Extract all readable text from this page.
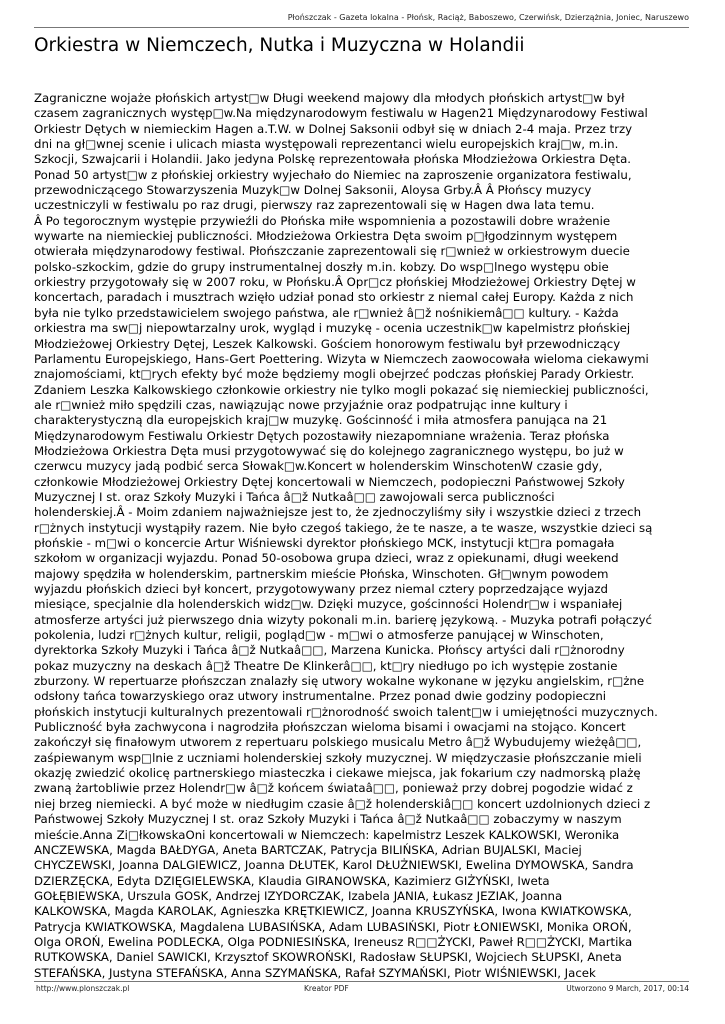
Płońszczak - Gazeta lokalna - Płońsk, Raciąż, Baboszewo, Czerwińsk, Dzierzążnia, Joniec, Naruszewo
Orkiestra w Niemczech, Nutka i Muzyczna w Holandii
Zagraniczne wojaże płońskich artyst□w Długi weekend majowy dla młodych płońskich artyst□w był
czasem zagranicznych występ□w.Na międzynarodowym festiwalu w Hagen21 Międzynarodowy Festiwal
Orkiestr Dętych w niemieckim Hagen a.T.W. w Dolnej Saksonii odbył się w dniach 2-4 maja. Przez trzy
dni na gł□wnej scenie i ulicach miasta występowali reprezentanci wielu europejskich kraj□w, m.in.
Szkocji, Szwajcarii i Holandii. Jako jedyna Polskę reprezentowała płońska Młodzieżowa Orkiestra Dęta.
Ponad 50 artyst□w z płońskiej orkiestry wyjechało do Niemiec na zaproszenie organizatora festiwalu,
przewodniczącego Stowarzyszenia Muzyk□w Dolnej Saksonii, Aloysa Grby.Â Â Płońscy muzycy
uczestniczyli w festiwalu po raz drugi, pierwszy raz zaprezentowali się w Hagen dwa lata temu.
Â Po tegorocznym występie przywieźli do Płońska miłe wspomnienia a pozostawili dobre wrażenie
wywarte na niemieckiej publiczności. Młodzieżowa Orkiestra Dęta swoim p□łgodzinnym występem
otwierała międzynarodowy festiwal. Płońszczanie zaprezentowali się r□wnież w orkiestrowym duecie
polsko-szkockim, gdzie do grupy instrumentalnej doszły m.in. kobzy. Do wsp□lnego występu obie
orkiestry przygotowały się w 2007 roku, w Płońsku.Â Opr□cz płońskiej Młodzieżowej Orkiestry Dętej w
koncertach, paradach i musztrach wzięło udział ponad sto orkiestr z niemal całej Europy. Każda z nich
była nie tylko przedstawicielem swojego państwa, ale r□wnież â□ž nośnikiemâ□□ kultury. - Każda
orkiestra ma sw□j niepowtarzalny urok, wygląd i muzykę - ocenia uczestnik□w kapelmistrz płońskiej
Młodzieżowej Orkiestry Dętej, Leszek Kalkowski. Gościem honorowym festiwalu był przewodniczący
Parlamentu Europejskiego, Hans-Gert Poettering. Wizyta w Niemczech zaowocowała wieloma ciekawymi
znajomościami, kt□rych efekty być może będziemy mogli obejrzeć podczas płońskiej Parady Orkiestr.
Zdaniem Leszka Kalkowskiego członkowie orkiestry nie tylko mogli pokazać się niemieckiej publiczności,
ale r□wnież miło spędzili czas, nawiązując nowe przyjaźnie oraz podpatrując inne kultury i
charakterystyczną dla europejskich kraj□w muzykę. Gościnność i miła atmosfera panująca na 21
Międzynarodowym Festiwalu Orkiestr Dętych pozostawiły niezapomniane wrażenia. Teraz płońska
Młodzieżowa Orkiestra Dęta musi przygotowywać się do kolejnego zagranicznego występu, bo już w
czerwcu muzycy jadą podbić serca Słowak□w.Koncert w holenderskim WinschotenW czasie gdy,
członkowie Młodzieżowej Orkiestry Dętej koncertowali w Niemczech, podopieczni Państwowej Szkoły
Muzycznej I st. oraz Szkoły Muzyki i Tańca â□ž Nutkaâ□□ zawojowali serca publiczności
holenderskiej.Â - Moim zdaniem najważniejsze jest to, że zjednoczyliśmy siły i wszystkie dzieci z trzech
r□żnych instytucji wystąpiły razem. Nie było czegoś takiego, że te nasze, a te wasze, wszystkie dzieci są
płońskie - m□wi o koncercie Artur Wiśniewski dyrektor płońskiego MCK, instytucji kt□ra pomagała
szkołom w organizacji wyjazdu. Ponad 50-osobowa grupa dzieci, wraz z opiekunami, długi weekend
majowy spędziła w holenderskim, partnerskim mieście Płońska, Winschoten. Gł□wnym powodem
wyjazdu płońskich dzieci był koncert, przygotowywany przez niemal cztery poprzedzające wyjazd
miesiące, specjalnie dla holenderskich widz□w. Dzięki muzyce, gościnności Holendr□w i wspaniałej
atmosferze artyści już pierwszego dnia wizyty pokonali m.in. barierę językową. - Muzyka potrafi połączyć
pokolenia, ludzi r□żnych kultur, religii, pogląd□w - m□wi o atmosferze panującej w Winschoten,
dyrektorka Szkoły Muzyki i Tańca â□ž Nutkaâ□□, Marzena Kunicka. Płońscy artyści dali r□żnorodny
pokaz muzyczny na deskach â□ž Theatre De Klinkerâ□□, kt□ry niedługo po ich występie zostanie
zburzony. W repertuarze płońszczan znalazły się utwory wokalne wykonane w języku angielskim, r□żne
odsłony tańca towarzyskiego oraz utwory instrumentalne. Przez ponad dwie godziny podopieczni
płońskich instytucji kulturalnych prezentowali r□żnorodność swoich talent□w i umiejętności muzycznych.
Publiczność była zachwycona i nagrodziła płońszczan wieloma bisami i owacjami na stojąco. Koncert
zakończył się finałowym utworem z repertuaru polskiego musicalu Metro â□ž Wybudujemy wieżęâ□□,
zaśpiewanym wsp□lnie z uczniami holenderskiej szkoły muzycznej. W międzyczasie płońszczanie mieli
okazję zwiedzić okolicę partnerskiego miasteczka i ciekawe miejsca, jak fokarium czy nadmorską plażę
zwaną żartobliwie przez Holendr□w â□ž końcem świataâ□□, ponieważ przy dobrej pogodzie widać z
niej brzeg niemiecki. A być może w niedługim czasie â□ž holenderskiâ□□ koncert uzdolnionych dzieci z
Państwowej Szkoły Muzycznej I st. oraz Szkoły Muzyki i Tańca â□ž Nutkaâ□□ zobaczymy w naszym
mieście.Anna Zi□łkowskaOni koncertowali w Niemczech: kapelmistrz Leszek KALKOWSKI, Weronika
ANCZEWSKA, Magda BAŁDYGA, Aneta BARTCZAK, Patrycja BILIŃSKA, Adrian BUJALSKI, Maciej
CHYCZEWSKI, Joanna DALGIEWICZ, Joanna DŁUTEK, Karol DŁUŻNIEWSKI, Ewelina DYMOWSKA, Sandra
DZIERZĘCKA, Edyta DZIĘGIELEWSKA, Klaudia GIRANOWSKA, Kazimierz GIŻYŃSKI, Iweta
GOŁĘBIEWSKA, Urszula GOSK, Andrzej IZYDORCZAK, Izabela JANIA, Łukasz JEZIAK, Joanna
KALKOWSKA, Magda KAROLAK, Agnieszka KRĘTKIEWICZ, Joanna KRUSZYŃSKA, Iwona KWIATKOWSKA,
Patrycja KWIATKOWSKA, Magdalena LUBASIŃSKA, Adam LUBASIŃSKI, Piotr ŁONIEWSKI, Monika OROŃ,
Olga OROŃ, Ewelina PODLECKA, Olga PODNIESIŃSKA, Ireneusz R□□ŻYCKI, Paweł R□□ŻYCKI, Martika
RUTKOWSKA, Daniel SAWICKI, Krzysztof SKOWROŃSKI, Radosław SŁUPSKI, Wojciech SŁUPSKI, Aneta
STEFAŃSKA, Justyna STEFAŃSKA, Anna SZYMAŃSKA, Rafał SZYMAŃSKI, Piotr WIŚNIEWSKI, Jacek

http://www.plonszczak.pl	Kreator PDF	Utworzono 9 March, 2017, 00:14
